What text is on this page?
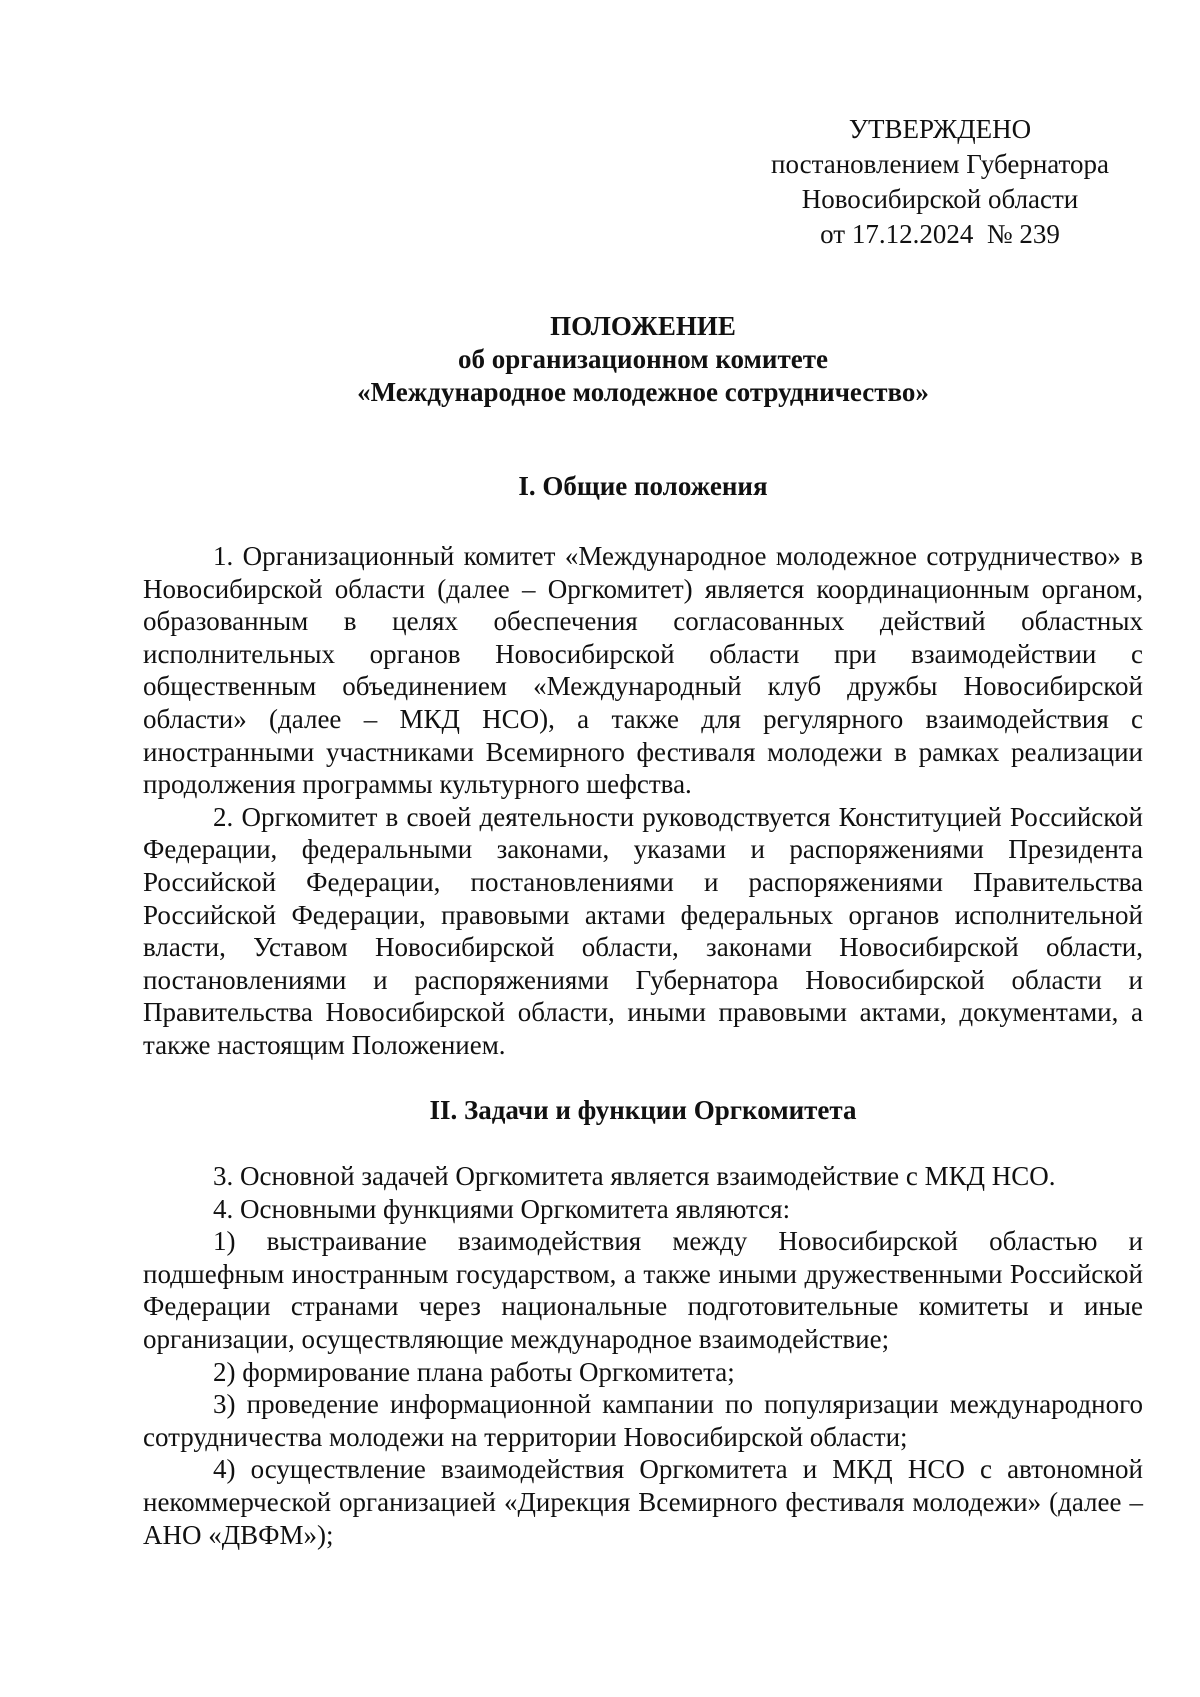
УТВЕРЖДЕНО
постановлением Губернатора
Новосибирской области
от 17.12.2024  № 239
ПОЛОЖЕНИЕ
об организационном комитете
«Международное молодежное сотрудничество»
I. Общие положения

1. Организационный комитет «Международное молодежное сотрудничество» в Новосибирской области (далее – Оргкомитет) является координационным органом, образованным в целях обеспечения согласованных действий областных исполнительных органов Новосибирской области при взаимодействии с общественным объединением «Международный клуб дружбы Новосибирской области» (далее – МКД НСО), а также для регулярного взаимодействия с иностранными участниками Всемирного фестиваля молодежи в рамках реализации продолжения программы культурного шефства.

2. Оргкомитет в своей деятельности руководствуется Конституцией Российской Федерации, федеральными законами, указами и распоряжениями Президента Российской Федерации, постановлениями и распоряжениями Правительства Российской Федерации, правовыми актами федеральных органов исполнительной власти, Уставом Новосибирской области, законами Новосибирской области, постановлениями и распоряжениями Губернатора Новосибирской области и Правительства Новосибирской области, иными правовыми актами, документами, а также настоящим Положением.

II. Задачи и функции Оргкомитета

3. Основной задачей Оргкомитета является взаимодействие с МКД НСО.

4. Основными функциями Оргкомитета являются:

1) выстраивание взаимодействия между Новосибирской областью и подшефным иностранным государством, а также иными дружественными Российской Федерации странами через национальные подготовительные комитеты и иные организации, осуществляющие международное взаимодействие;

2) формирование плана работы Оргкомитета;

3) проведение информационной кампании по популяризации международного сотрудничества молодежи на территории Новосибирской области;

4) осуществление взаимодействия Оргкомитета и МКД НСО с автономной некоммерческой организацией «Дирекция Всемирного фестиваля молодежи» (далее – АНО «ДВФМ»);
